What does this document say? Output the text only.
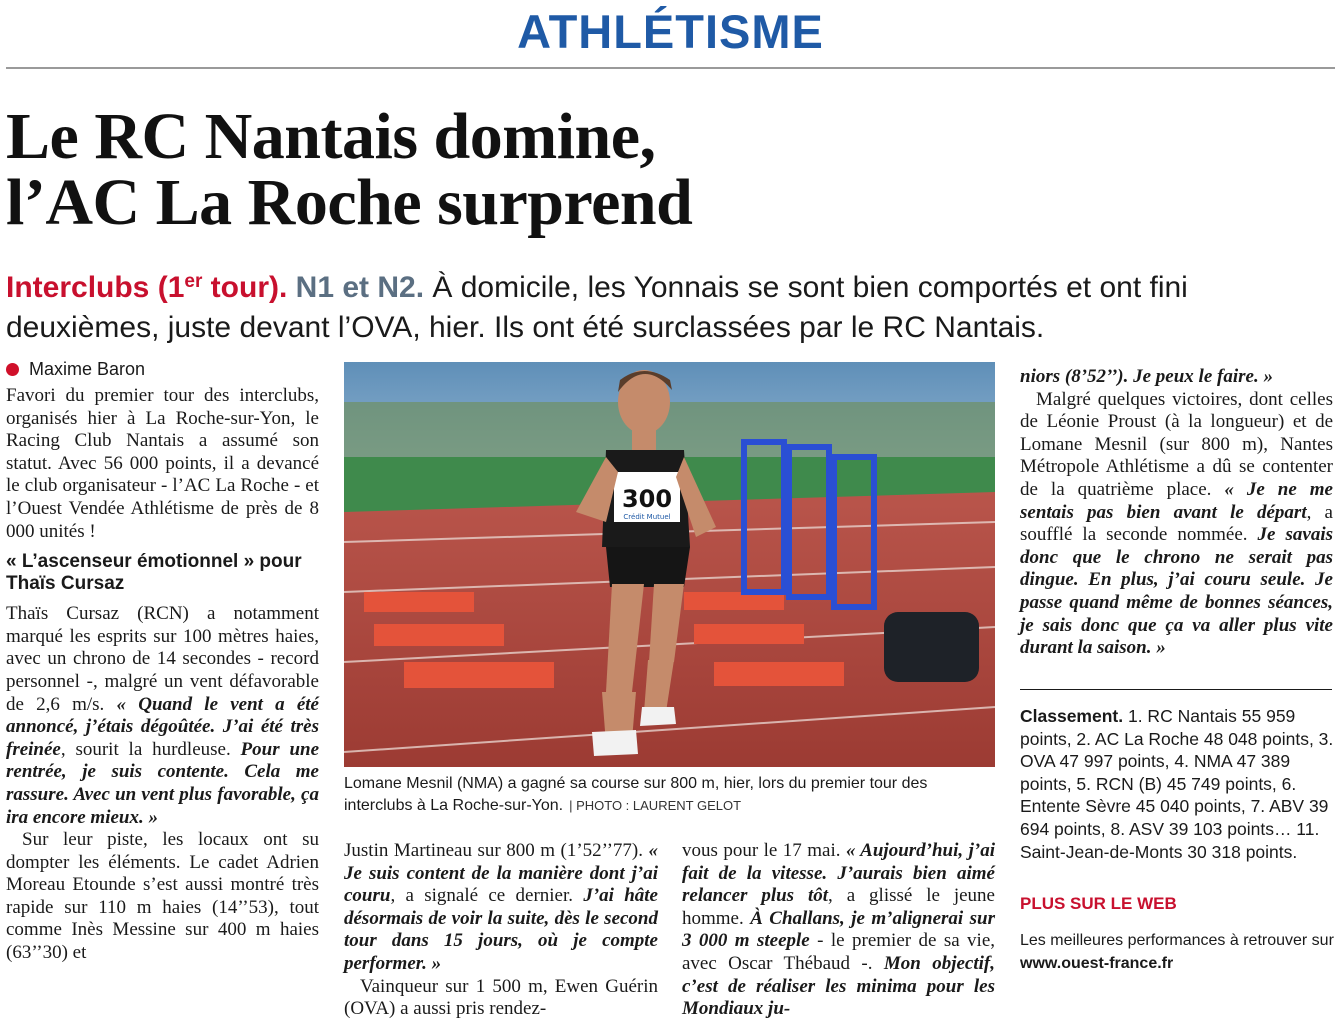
ATHLÉTISME
Le RC Nantais domine,
l’AC La Roche surprend
Interclubs (1er tour). N1 et N2. À domicile, les Yonnais se sont bien comportés et ont fini deuxièmes, juste devant l’OVA, hier. Ils ont été surclassées par le RC Nantais.
Maxime Baron

Favori du premier tour des interclubs, organisés hier à La Roche-sur-Yon, le Racing Club Nantais a assumé son statut. Avec 56 000 points, il a devancé le club organisateur - l’AC La Roche - et l’Ouest Vendée Athlétisme de près de 8 000 unités !

« L’ascenseur émotionnel » pour Thaïs Cursaz

Thaïs Cursaz (RCN) a notamment marqué les esprits sur 100 mètres haies, avec un chrono de 14 secondes - record personnel -, malgré un vent défavorable de 2,6 m/s. « Quand le vent a été annoncé, j’étais dégoûtée. J’ai été très freinée, sourit la hurdleuse. Pour une rentrée, je suis contente. Cela me rassure. Avec un vent plus favorable, ça ira encore mieux. »

Sur leur piste, les locaux ont su dompter les éléments. Le cadet Adrien Moreau Etounde s’est aussi montré très rapide sur 110 m haies (14’’53), tout comme Inès Messine sur 400 m haies (63’’30) et

300
Crédit Mutuel
Lomane Mesnil (NMA) a gagné sa course sur 800 m, hier, lors du premier tour des interclubs à La Roche-sur-Yon. | PHOTO : LAURENT GELOT

Justin Martineau sur 800 m (1’52’’77). « Je suis content de la manière dont j’ai couru, a signalé ce dernier. J’ai hâte désormais de voir la suite, dès le second tour dans 15 jours, où je compte performer. »

Vainqueur sur 1 500 m, Ewen Guérin (OVA) a aussi pris rendez-

vous pour le 17 mai. « Aujourd’hui, j’ai fait de la vitesse. J’aurais bien aimé relancer plus tôt, a glissé le jeune homme. À Challans, je m’alignerai sur 3 000 m steeple - le premier de sa vie, avec Oscar Thébaud -. Mon objectif, c’est de réaliser les minima pour les Mondiaux ju-

niors (8’52’’). Je peux le faire. »

Malgré quelques victoires, dont celles de Léonie Proust (à la longueur) et de Lomane Mesnil (sur 800 m), Nantes Métropole Athlétisme a dû se contenter de la quatrième place. « Je ne me sentais pas bien avant le départ, a soufflé la seconde nommée. Je savais donc que le chrono ne serait pas dingue. En plus, j’ai couru seule. Je passe quand même de bonnes séances, je sais donc que ça va aller plus vite durant la saison. »

Classement. 1. RC Nantais 55 959 points, 2. AC La Roche 48 048 points, 3. OVA 47 997 points, 4. NMA 47 389 points, 5. RCN (B) 45 749 points, 6. Entente Sèvre 45 040 points, 7. ABV 39 694 points, 8. ASV 39 103 points… 11. Saint-Jean-de-Monts 30 318 points.
PLUS SUR LE WEB
Les meilleures performances à retrouver sur www.ouest-france.fr
